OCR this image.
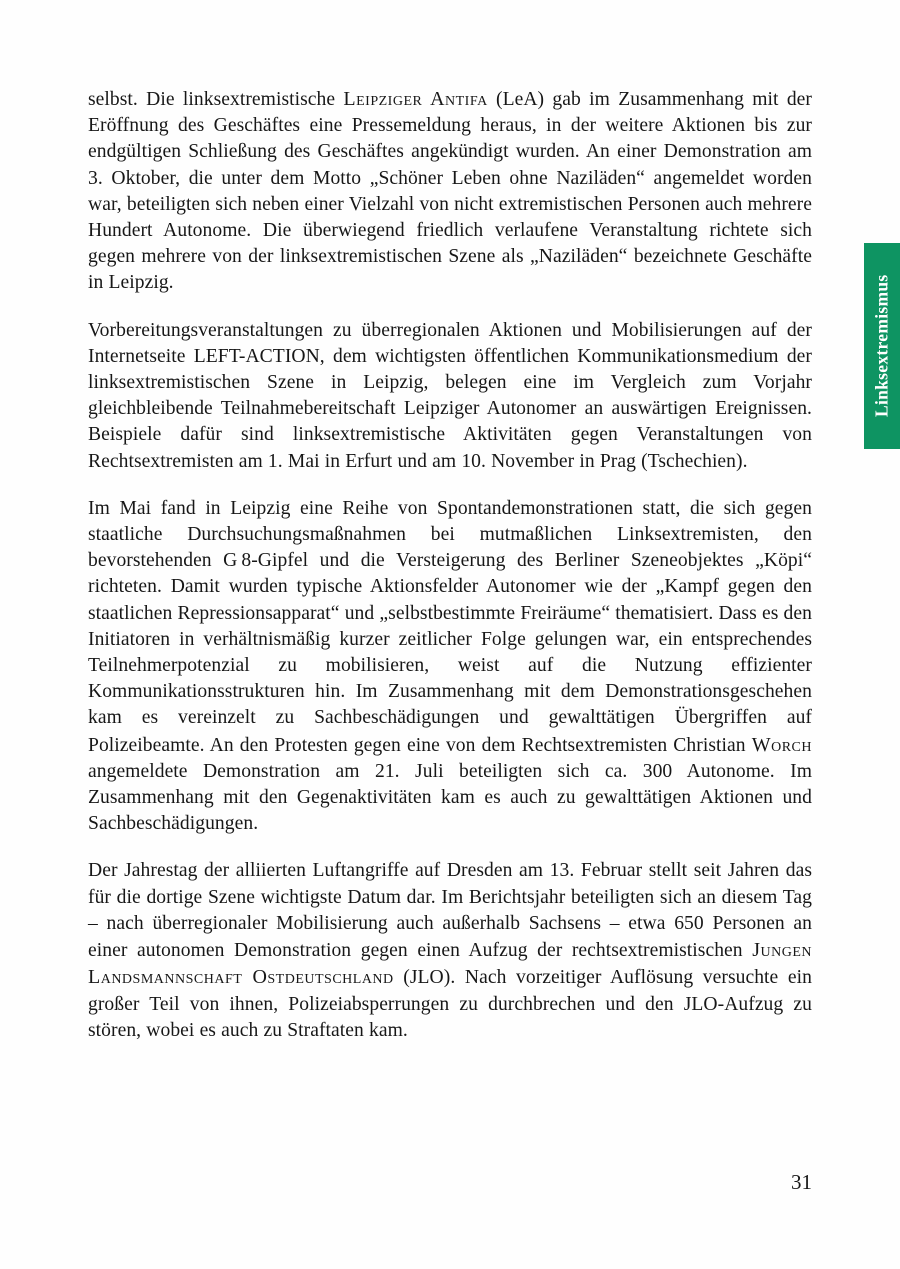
selbst. Die linksextremistische Leipziger Antifa (LeA) gab im Zusammenhang mit der Eröffnung des Geschäftes eine Pressemeldung heraus, in der weitere Aktionen bis zur endgültigen Schließung des Geschäftes angekündigt wurden. An einer Demonstration am 3. Oktober, die unter dem Motto „Schöner Leben ohne Naziläden“ angemeldet worden war, beteiligten sich neben einer Vielzahl von nicht extremistischen Personen auch mehrere Hundert Autonome. Die überwiegend friedlich verlaufene Veranstaltung richtete sich gegen mehrere von der linksextremistischen Szene als „Naziläden“ bezeichnete Geschäfte in Leipzig.

Vorbereitungsveranstaltungen zu überregionalen Aktionen und Mobilisierungen auf der Internetseite LEFT-ACTION, dem wichtigsten öffentlichen Kommunikationsmedium der linksextremistischen Szene in Leipzig, belegen eine im Vergleich zum Vorjahr gleichbleibende Teilnahmebereitschaft Leipziger Autonomer an auswärtigen Ereignissen. Beispiele dafür sind linksextremistische Aktivitäten gegen Veranstaltungen von Rechtsextremisten am 1. Mai in Erfurt und am 10. November in Prag (Tschechien).

Im Mai fand in Leipzig eine Reihe von Spontandemonstrationen statt, die sich gegen staatliche Durchsuchungsmaßnahmen bei mutmaßlichen Linksextremisten, den bevorstehenden G 8-Gipfel und die Versteigerung des Berliner Szeneobjektes „Köpi“ richteten. Damit wurden typische Aktionsfelder Autonomer wie der „Kampf gegen den staatlichen Repressionsapparat“ und „selbstbestimmte Freiräume“ thematisiert. Dass es den Initiatoren in verhältnismäßig kurzer zeitlicher Folge gelungen war, ein entsprechendes Teilnehmerpotenzial zu mobilisieren, weist auf die Nutzung effizienter Kommunikationsstrukturen hin. Im Zusammenhang mit dem Demonstrationsgeschehen kam es vereinzelt zu Sachbeschädigungen und gewalttätigen Übergriffen auf Polizeibeamte. An den Protesten gegen eine von dem Rechtsextremisten Christian Worch angemeldete Demonstration am 21. Juli beteiligten sich ca. 300 Autonome. Im Zusammenhang mit den Gegenaktivitäten kam es auch zu gewalttätigen Aktionen und Sachbeschädigungen.

Der Jahrestag der alliierten Luftangriffe auf Dresden am 13. Februar stellt seit Jahren das für die dortige Szene wichtigste Datum dar. Im Berichtsjahr beteiligten sich an diesem Tag – nach überregionaler Mobilisierung auch außerhalb Sachsens – etwa 650 Personen an einer autonomen Demonstration gegen einen Aufzug der rechtsextremistischen Jungen Landsmannschaft Ostdeutschland (JLO). Nach vorzeitiger Auflösung versuchte ein großer Teil von ihnen, Polizeiabsperrungen zu durchbrechen und den JLO-Aufzug zu stören, wobei es auch zu Straftaten kam.

Linksextremismus
31
